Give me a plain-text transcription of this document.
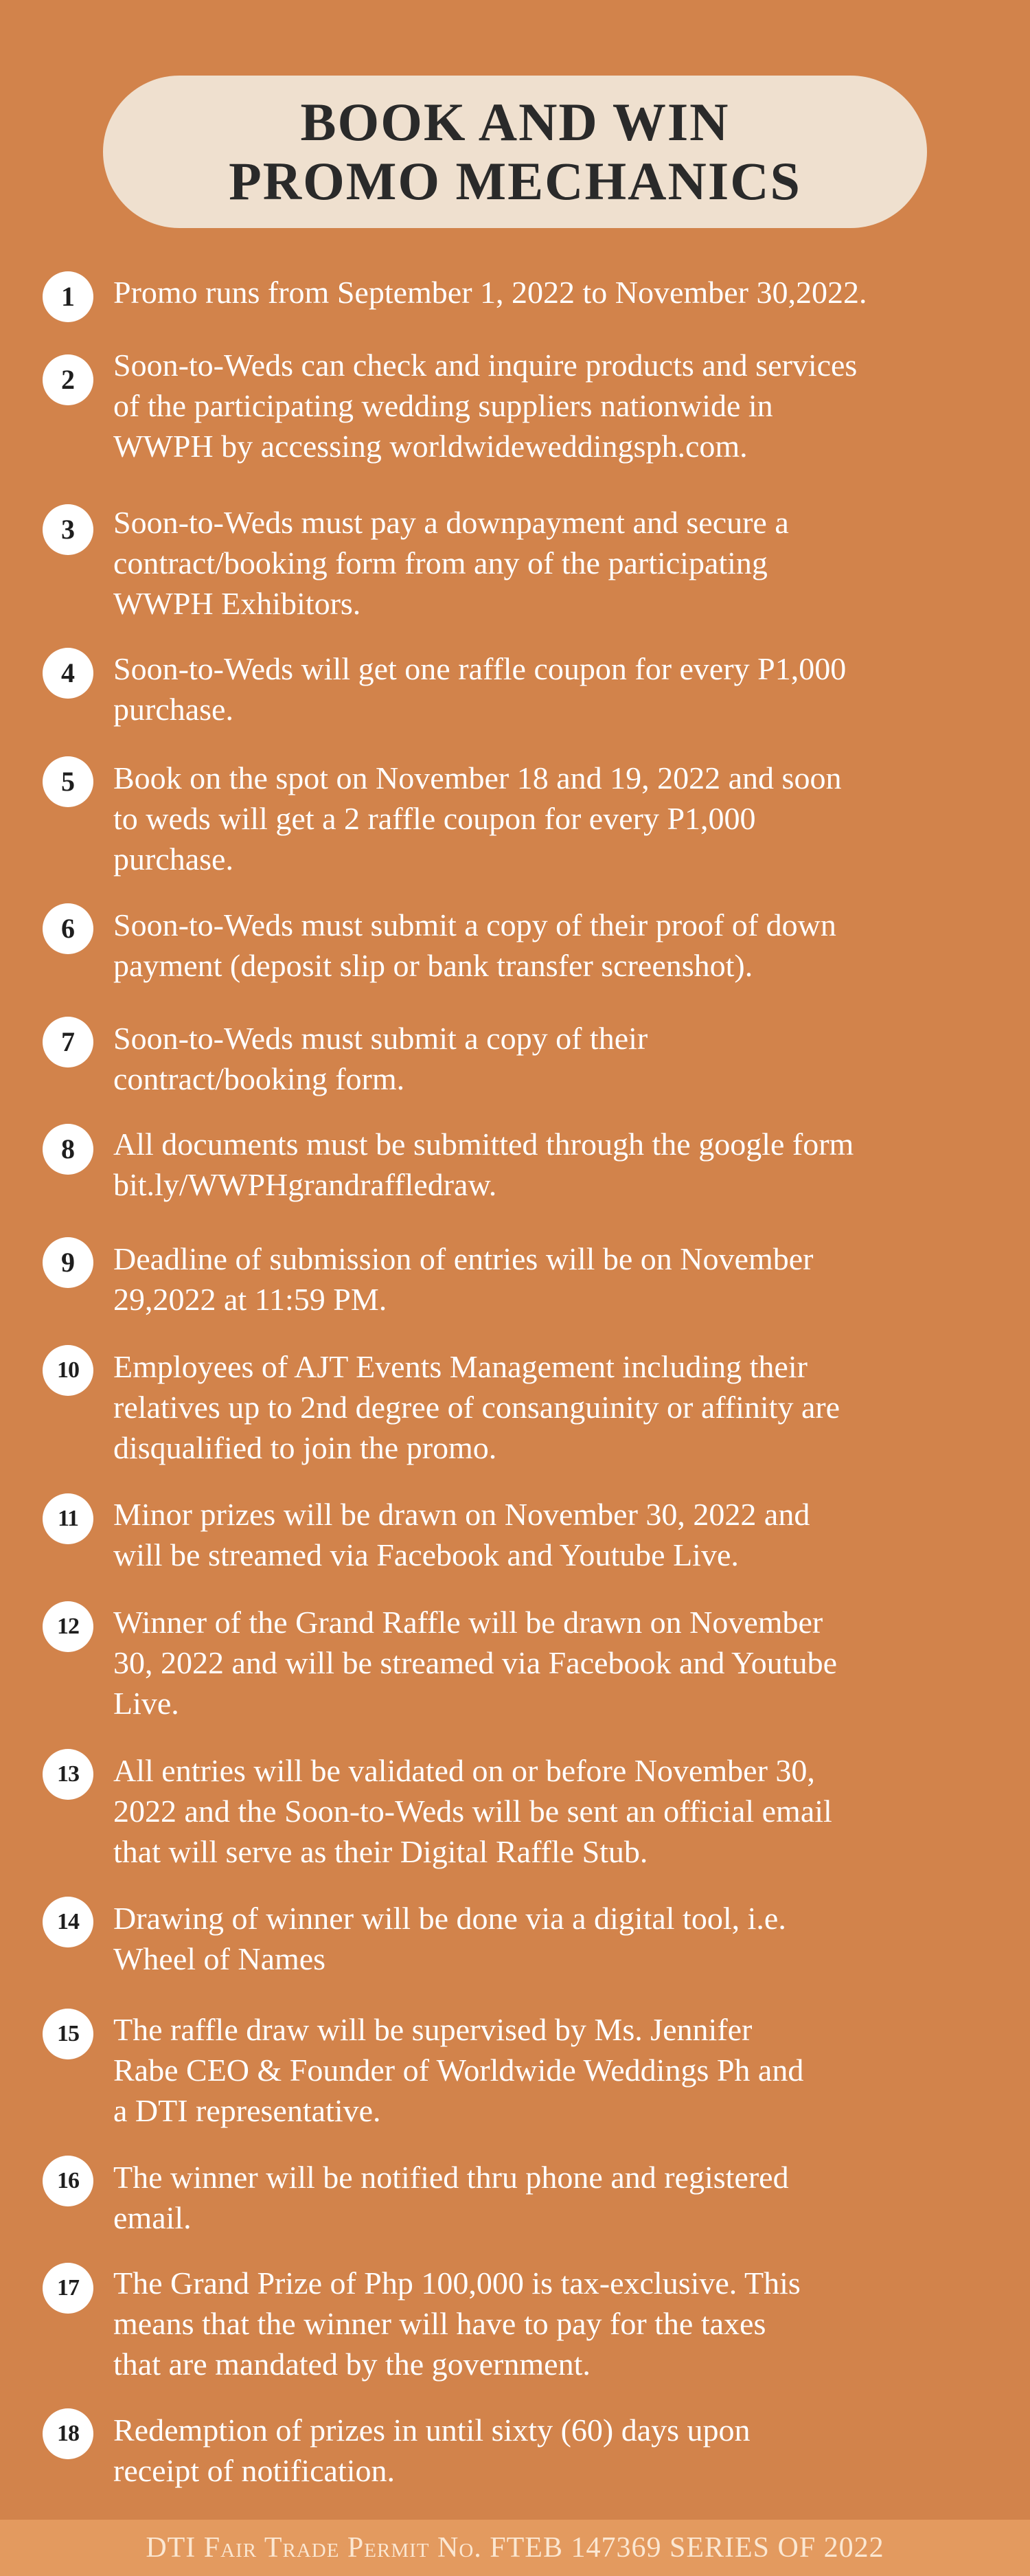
BOOK AND WIN
PROMO MECHANICS
1	Promo runs from September 1, 2022 to November 30,2022.
2	Soon-to-Weds can check and inquire products and services
of the participating wedding suppliers nationwide in
WWPH by accessing worldwideweddingsph.com.
3	Soon-to-Weds must pay a downpayment and secure a
contract/booking form from any of the participating
WWPH Exhibitors.
4	Soon-to-Weds will get one raffle coupon for every P1,000
purchase.
5	Book on the spot on November 18 and 19, 2022 and soon
to weds will get a 2 raffle coupon for every P1,000
purchase.
6	Soon-to-Weds must submit a copy of their proof of down
payment (deposit slip or bank transfer screenshot).
7	Soon-to-Weds must submit a copy of their
contract/booking form.
8	All documents must be submitted through the google form
bit.ly/WWPHgrandraffledraw.
9	Deadline of submission of entries will be on November
29,2022 at 11:59 PM.
10	Employees of AJT Events Management including their
relatives up to 2nd degree of consanguinity or affinity are
disqualified to join the promo.
11	Minor prizes will be drawn on November 30, 2022 and
will be streamed via Facebook and Youtube Live.
12	Winner of the Grand Raffle will be drawn on November
30, 2022 and will be streamed via Facebook and Youtube
Live.
13	All entries will be validated on or before November 30,
2022 and the Soon-to-Weds will be sent an official email
that will serve as their Digital Raffle Stub.
14	Drawing of winner will be done via a digital tool, i.e.
Wheel of Names
15	The raffle draw will be supervised by Ms. Jennifer
Rabe CEO & Founder of Worldwide Weddings Ph and
a DTI representative.
16	The winner will be notified thru phone and registered
email.
17	The Grand Prize of Php 100,000 is tax-exclusive. This
means that the winner will have to pay for the taxes
that are mandated by the government.
18	Redemption of prizes in until sixty (60) days upon
receipt of notification.
DTI Fair Trade Permit No. FTEB 147369 SERIES OF 2022
